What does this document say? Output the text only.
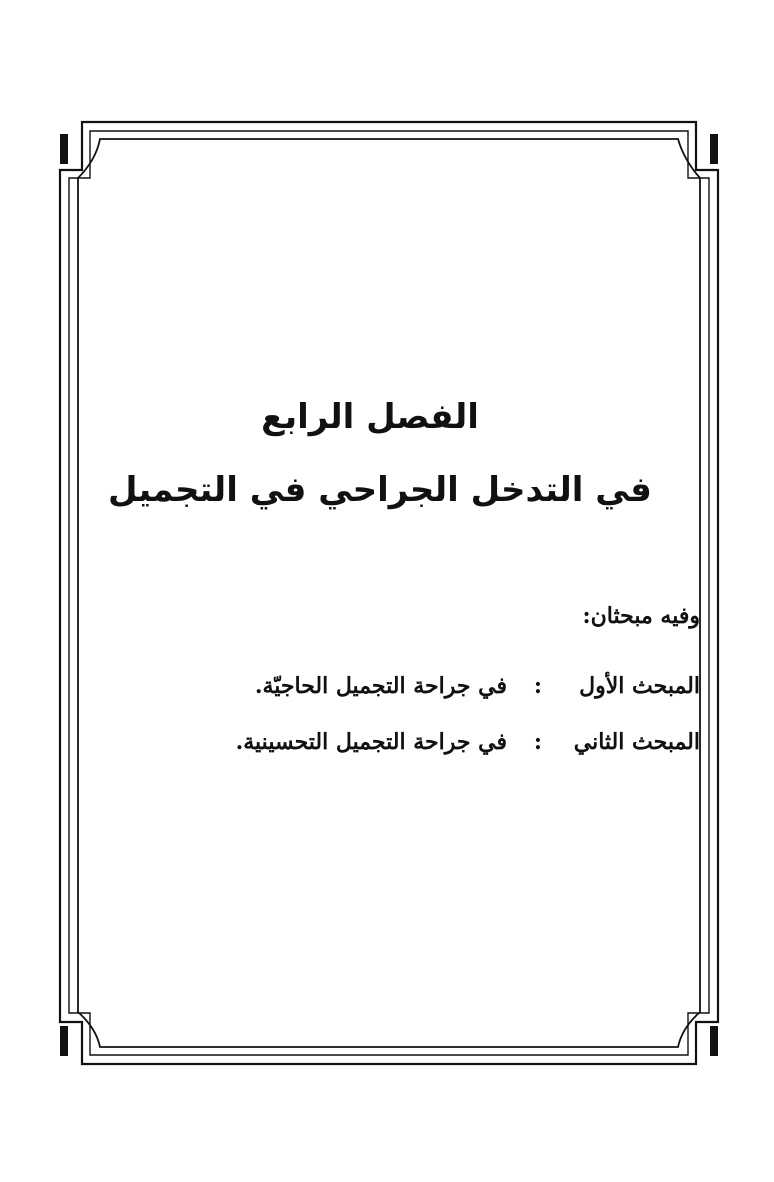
الفصل الرابع
في التدخل الجراحي في التجميل

وفيه مبحثان:

المبحث الأول
:
في جراحة التجميل الحاجيّة.
المبحث الثاني
:
في جراحة التجميل التحسينية.
